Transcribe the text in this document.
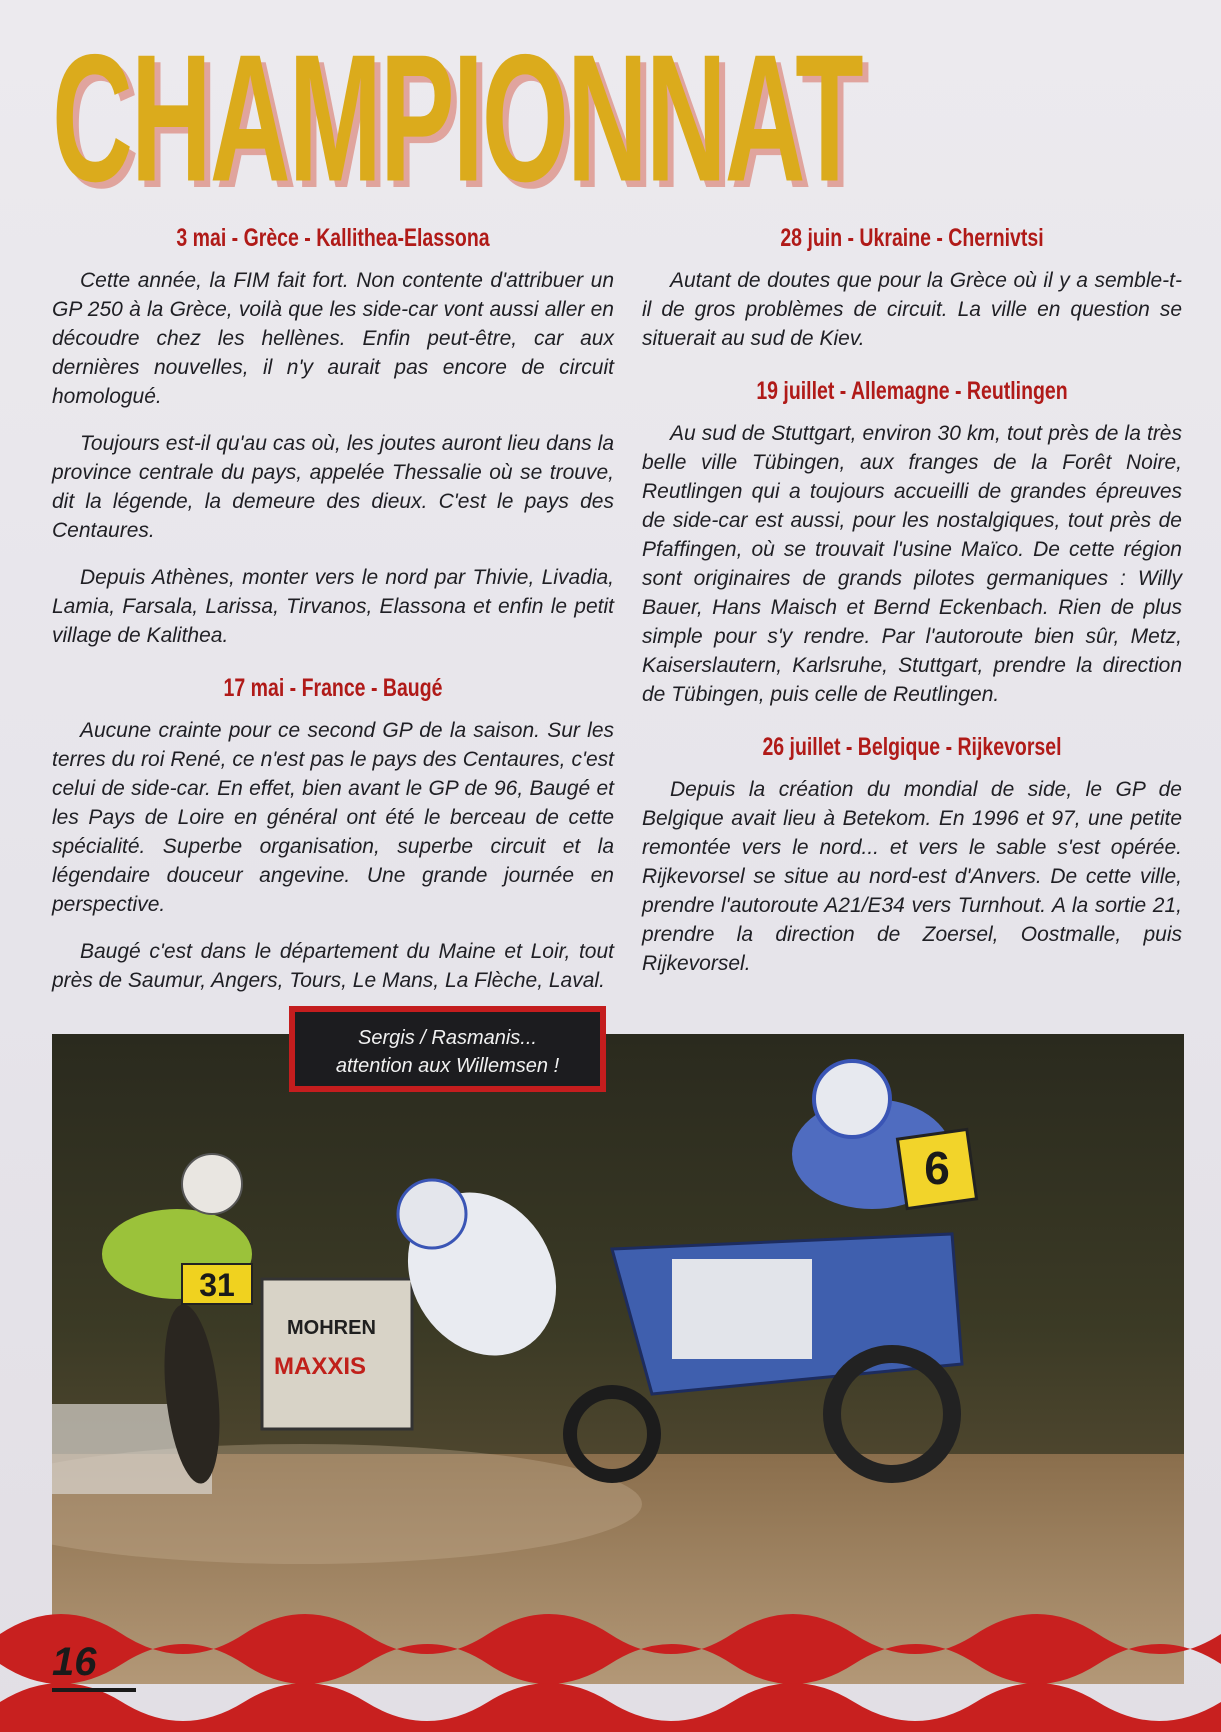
CHAMPIONNAT
3 mai - Grèce - Kallithea-Elassona

Cette année, la FIM fait fort. Non contente d'attribuer un GP 250 à la Grèce, voilà que les side-car vont aussi aller en découdre chez les hellènes. Enfin peut-être, car aux dernières nouvelles, il n'y aurait pas encore de circuit homologué.

Toujours est-il qu'au cas où, les joutes auront lieu dans la province centrale du pays, appelée Thessalie où se trouve, dit la légende, la demeure des dieux. C'est le pays des Centaures.

Depuis Athènes, monter vers le nord par Thivie, Livadia, Lamia, Farsala, Larissa, Tirvanos, Elassona et enfin le petit village de Kalithea.

17 mai - France - Baugé

Aucune crainte pour ce second GP de la saison. Sur les terres du roi René, ce n'est pas le pays des Centaures, c'est celui de side-car. En effet, bien avant le GP de 96, Baugé et les Pays de Loire en général ont été le berceau de cette spécialité. Superbe organisation, superbe circuit et la légendaire douceur angevine. Une grande journée en perspective.

Baugé c'est dans le département du Maine et Loir, tout près de Saumur, Angers, Tours, Le Mans, La Flèche, Laval.

28 juin - Ukraine - Chernivtsi

Autant de doutes que pour la Grèce où il y a semble-t-il de gros problèmes de circuit. La ville en question se situerait au sud de Kiev.

19 juillet - Allemagne - Reutlingen

Au sud de Stuttgart, environ 30 km, tout près de la très belle ville Tübingen, aux franges de la Forêt Noire, Reutlingen qui a toujours accueilli de grandes épreuves de side-car est aussi, pour les nostalgiques, tout près de Pfaffingen, où se trouvait l'usine Maïco. De cette région sont originaires de grands pilotes germaniques : Willy Bauer, Hans Maisch et Bernd Eckenbach. Rien de plus simple pour s'y rendre. Par l'autoroute bien sûr, Metz, Kaiserslautern, Karlsruhe, Stuttgart, prendre la direction de Tübingen, puis celle de Reutlingen.

26 juillet - Belgique - Rijkevorsel

Depuis la création du mondial de side, le GP de Belgique avait lieu à Betekom. En 1996 et 97, une petite remontée vers le nord... et vers le sable s'est opérée. Rijkevorsel se situe au nord-est d'Anvers. De cette ville, prendre l'autoroute A21/E34 vers Turnhout. A la sortie 21, prendre la direction de Zoersel, Oostmalle, puis Rijkevorsel.

MOHREN
MAXXIS
31
6
Sergis / Rasmanis...
attention aux Willemsen !
16
